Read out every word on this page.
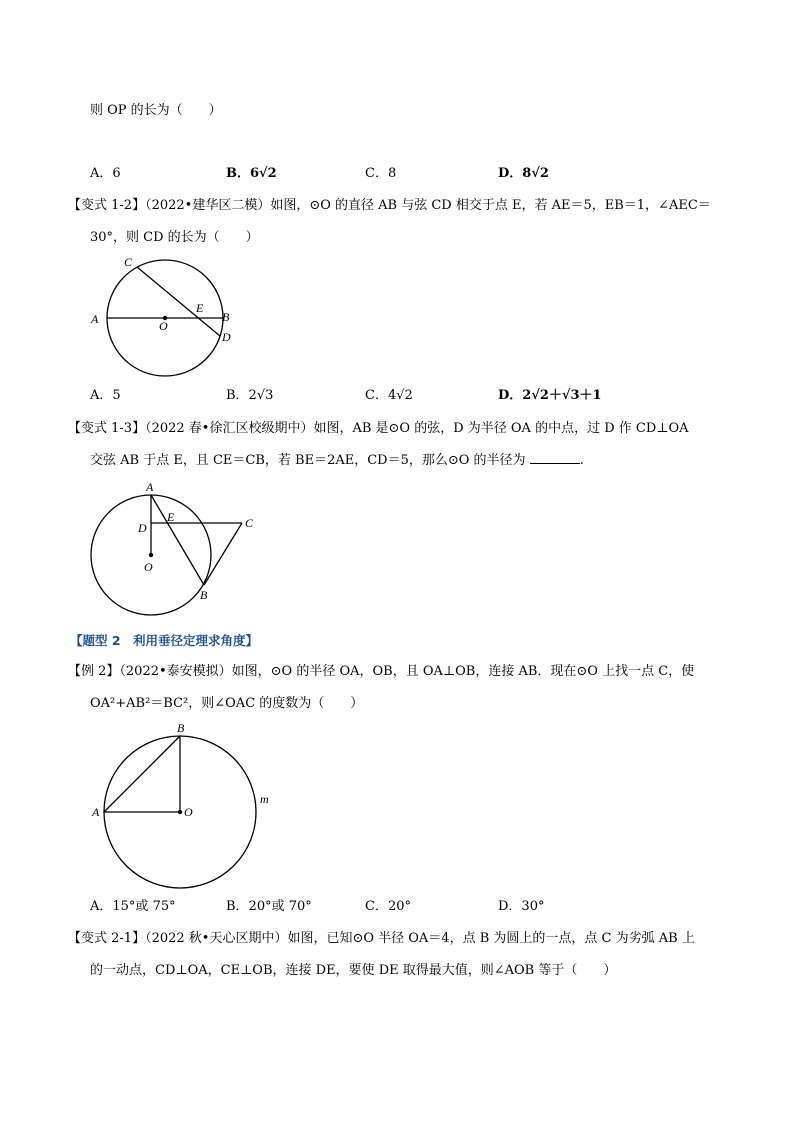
则 OP 的长为（　　）
A．6	B．6√2	C．8	D．8√2
【变式 1-2】（2022•建华区二模）如图，⊙O 的直径 AB 与弦 CD 相交于点 E，若 AE＝5，EB＝1，∠AEC＝
30°，则 CD 的长为（　　）
A
C
E
B
D
O
A．5	B．2√3	C．4√2	D．2√2＋√3＋1
【变式 1-3】（2022 春•徐汇区校级期中）如图，AB 是⊙O 的弦，D 为半径 OA 的中点，过 D 作 CD⊥OA
交弦 AB 于点 E，且 CE＝CB，若 BE＝2AE，CD＝5，那么⊙O 的半径为	.
A
D
E	C
O
B
【题型 2　利用垂径定理求角度】
【例 2】（2022•泰安模拟）如图，⊙O 的半径 OA，OB，且 OA⊥OB，连接 AB．现在⊙O 上找一点 C，使
OA²+AB²＝BC²，则∠OAC 的度数为（　　）
A
B
O
m
A．15°或 75°	B．20°或 70°	C．20°	D．30°
【变式 2-1】（2022 秋•天心区期中）如图，已知⊙O 半径 OA＝4，点 B 为圆上的一点，点 C 为劣弧 AB 上
的一动点，CD⊥OA，CE⊥OB，连接 DE，要使 DE 取得最大值，则∠AOB 等于（　　）
